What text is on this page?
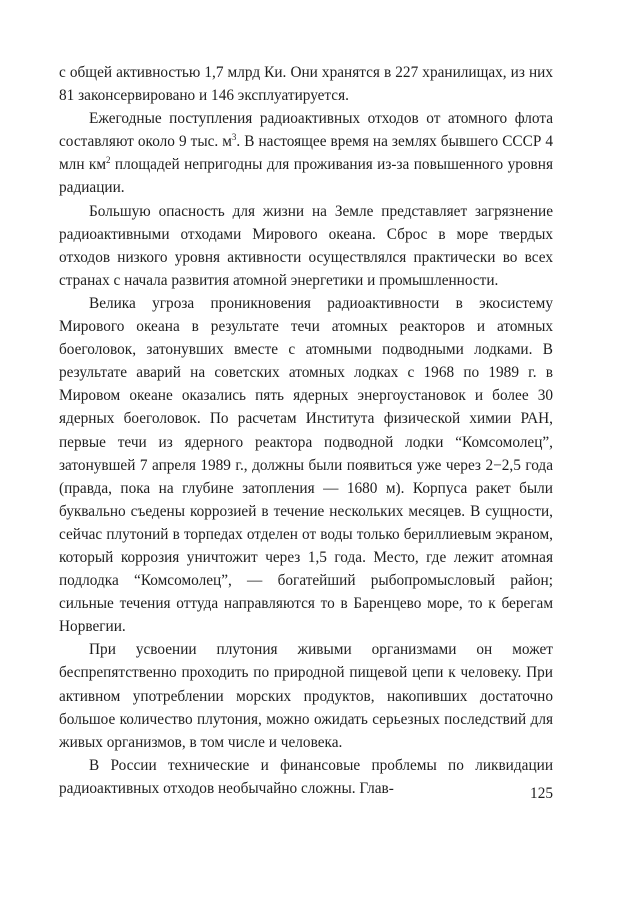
с общей активностью 1,7 млрд Ки. Они хранятся в 227 хранилищах, из них 81 законсервировано и 146 эксплуатируется.

Ежегодные поступления радиоактивных отходов от атомного флота составляют около 9 тыс. $м^3$. В настоящее время на землях бывшего СССР 4 млн $км^2$ площадей непригодны для проживания из-за повышенного уровня радиации.

Большую опасность для жизни на Земле представляет загрязнение радиоактивными отходами Мирового океана. Сброс в море твердых отходов низкого уровня активности осуществлялся практически во всех странах с начала развития атомной энергетики и промышленности.

Велика угроза проникновения радиоактивности в экосистему Мирового океана в результате течи атомных реакторов и атомных боеголовок, затонувших вместе с атомными подводными лодками. В результате аварий на советских атомных лодках с 1968 по 1989 г. в Мировом океане оказались пять ядерных энергоустановок и более 30 ядерных боеголовок. По расчетам Института физической химии РАН, первые течи из ядерного реактора подводной лодки “Комсомолец”, затонувшей 7 апреля 1989 г., должны были появиться уже через 2−2,5 года (правда, пока на глубине затопления — 1680 м). Корпуса ракет были буквально съедены коррозией в течение нескольких месяцев. В сущности, сейчас плутоний в торпедах отделен от воды только бериллиевым экраном, который коррозия уничтожит через 1,5 года. Место, где лежит атомная подлодка “Комсомолец”, — богатейший рыбопромысловый район; сильные течения оттуда направляются то в Баренцево море, то к берегам Норвегии.

При усвоении плутония живыми организмами он может беспрепятственно проходить по природной пищевой цепи к человеку. При активном употреблении морских продуктов, накопивших достаточно большое количество плутония, можно ожидать серьезных последствий для живых организмов, в том числе и человека.

В России технические и финансовые проблемы по ликвидации радиоактивных отходов необычайно сложны. Глав-	125
